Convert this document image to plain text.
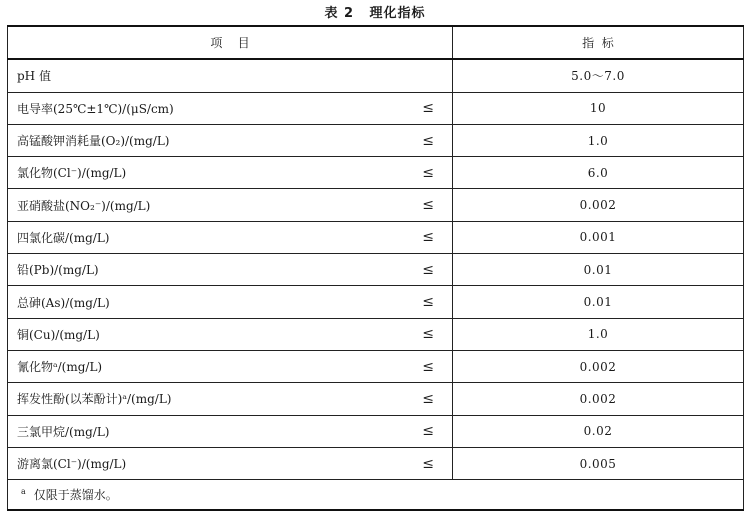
表 2 理化指标
项    目	指  标
pH 值	5.0～7.0
电导率(25℃±1℃)/(μS/cm) ≤	10
高锰酸钾消耗量(O₂)/(mg/L) ≤	1.0
氯化物(Cl⁻)/(mg/L) ≤	6.0
亚硝酸盐(NO₂⁻)/(mg/L) ≤	0.002
四氯化碳/(mg/L) ≤	0.001
铅(Pb)/(mg/L) ≤	0.01
总砷(As)/(mg/L) ≤	0.01
铜(Cu)/(mg/L) ≤	1.0
氰化物ᵃ/(mg/L) ≤	0.002
挥发性酚(以苯酚计)ᵃ/(mg/L) ≤	0.002
三氯甲烷/(mg/L) ≤	0.02
游离氯(Cl⁻)/(mg/L) ≤	0.005
$^a$ 仅限于蒸馏水。	
